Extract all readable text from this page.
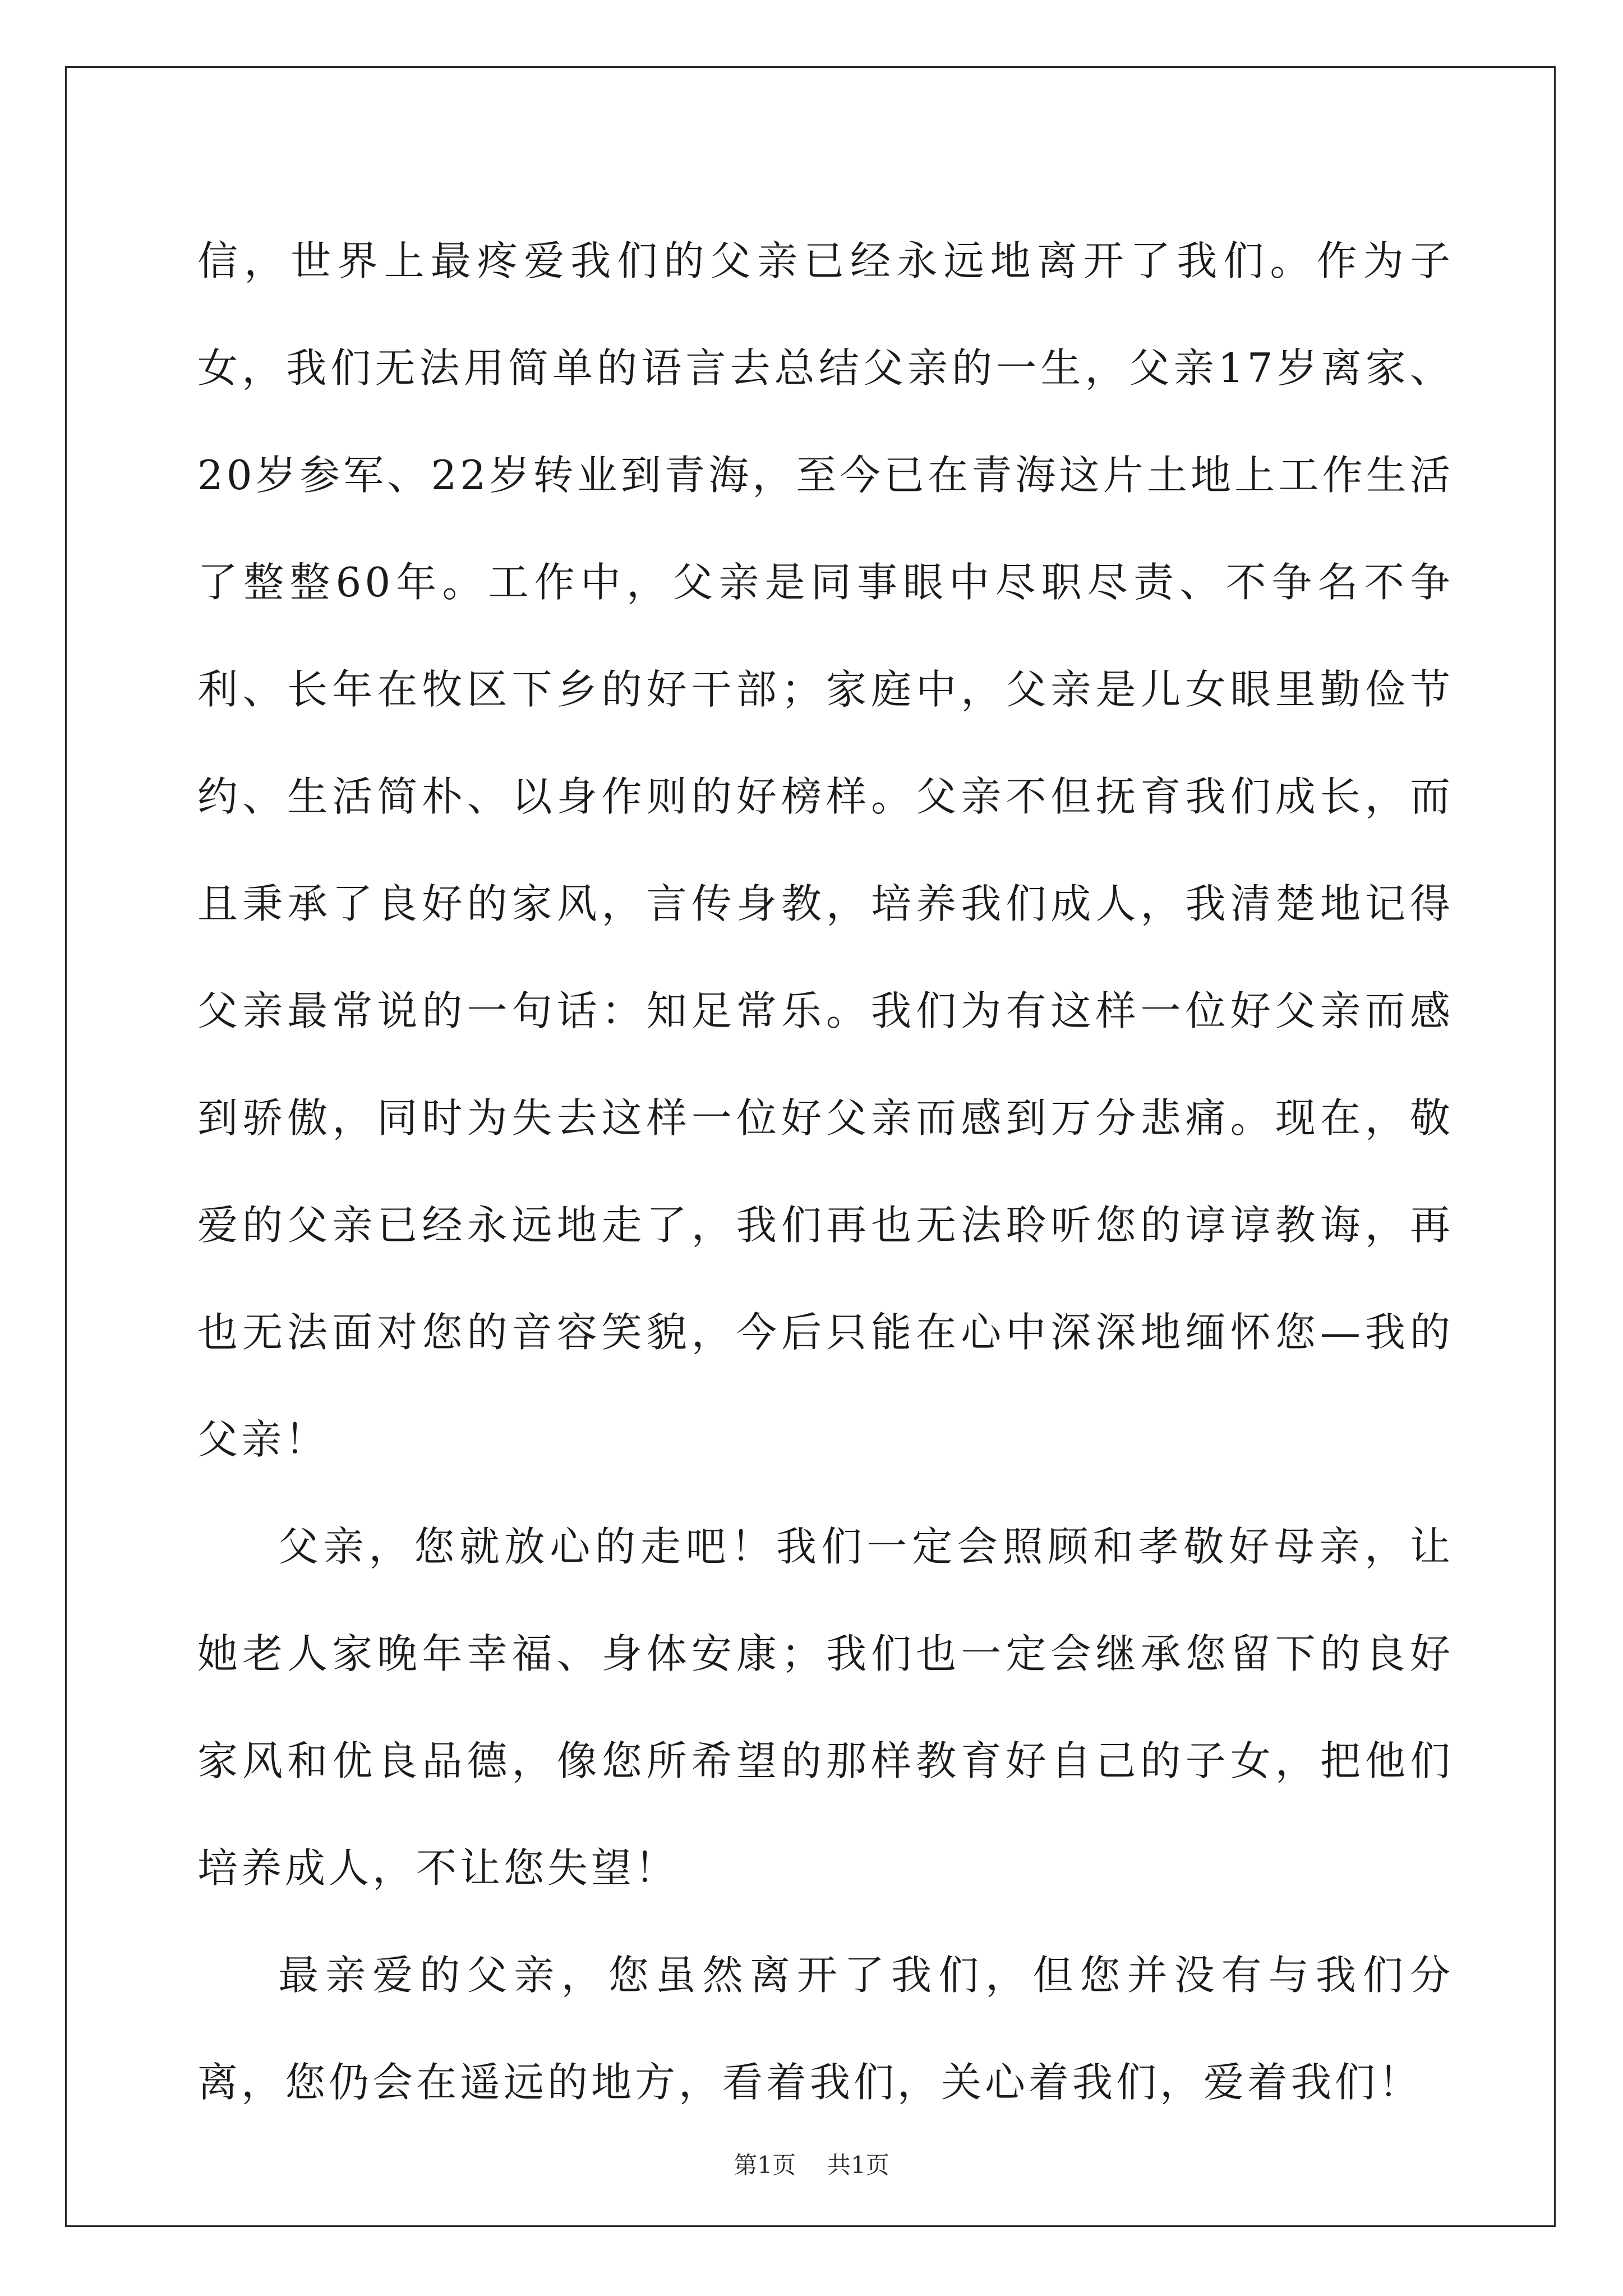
信，世界上最疼爱我们的父亲已经永远地离开了我们。作为子女，我们无法用简单的语言去总结父亲的一生，父亲17岁离家、20岁参军、22岁转业到青海，至今已在青海这片土地上工作生活了整整60年。工作中，父亲是同事眼中尽职尽责、不争名不争利、长年在牧区下乡的好干部；家庭中，父亲是儿女眼里勤俭节约、生活简朴、以身作则的好榜样。父亲不但抚育我们成长，而且秉承了良好的家风，言传身教，培养我们成人，我清楚地记得父亲最常说的一句话：知足常乐。我们为有这样一位好父亲而感到骄傲，同时为失去这样一位好父亲而感到万分悲痛。现在，敬爱的父亲已经永远地走了，我们再也无法聆听您的谆谆教诲，再也无法面对您的音容笑貌，今后只能在心中深深地缅怀您—我的父亲！

父亲，您就放心的走吧！我们一定会照顾和孝敬好母亲，让她老人家晚年幸福、身体安康；我们也一定会继承您留下的良好家风和优良品德，像您所希望的那样教育好自己的子女，把他们培养成人，不让您失望！

最亲爱的父亲，您虽然离开了我们，但您并没有与我们分离，您仍会在遥远的地方，看着我们，关心着我们，爱着我们！

第1页 共1页
